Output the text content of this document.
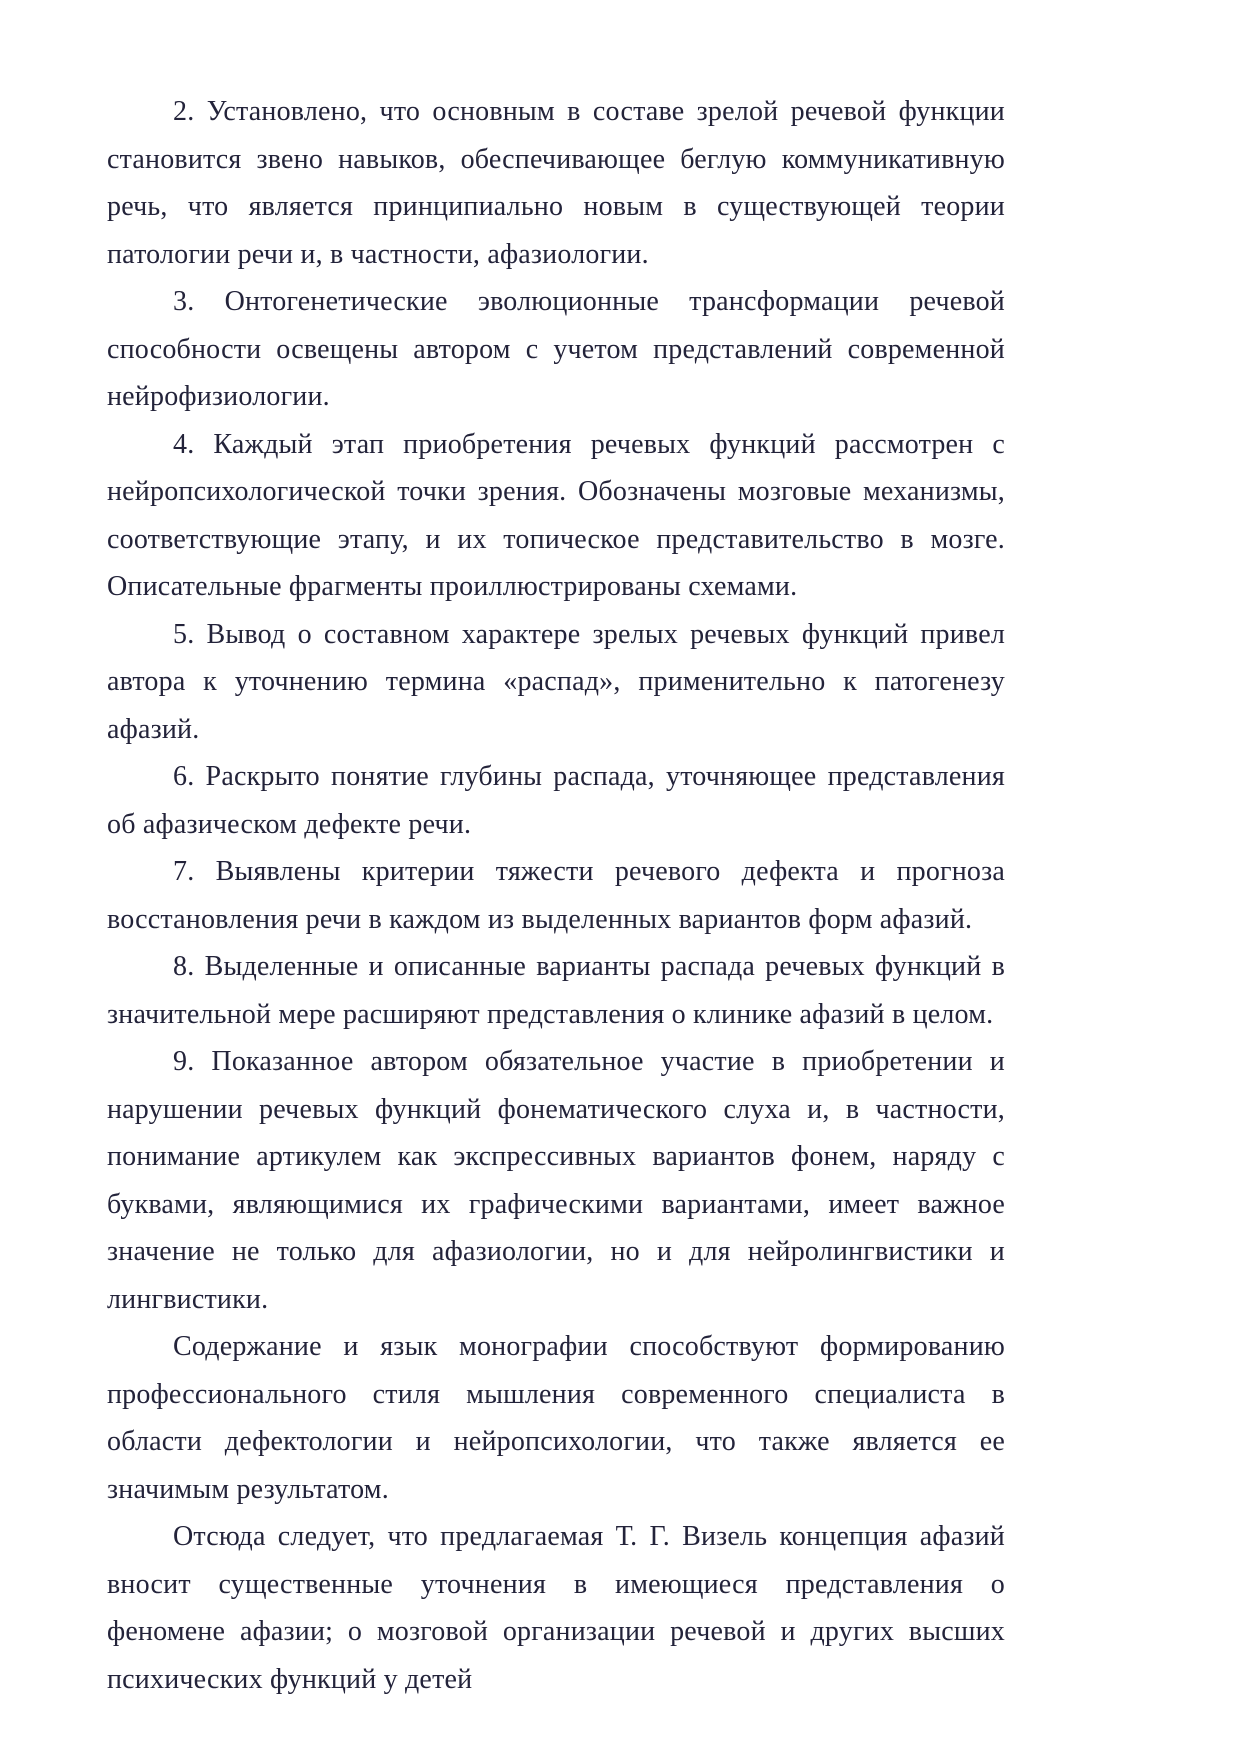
2. Установлено, что основным в составе зрелой речевой функции становится звено навыков, обеспечивающее беглую коммуникативную речь, что является принципиально новым в существующей теории патологии речи и, в частности, афазиологии.

3. Онтогенетические эволюционные трансформации речевой способности освещены автором с учетом представлений современной нейрофизиологии.

4. Каждый этап приобретения речевых функций рассмотрен с нейропсихологической точки зрения. Обозначены мозговые механизмы, соответствующие этапу, и их топическое представительство в мозге. Описательные фрагменты проиллюстрированы схемами.

5. Вывод о составном характере зрелых речевых функций привел автора к уточнению термина «распад», применительно к патогенезу афазий.

6. Раскрыто понятие глубины распада, уточняющее представления об афазическом дефекте речи.

7. Выявлены критерии тяжести речевого дефекта и прогноза восстановления речи в каждом из выделенных вариантов форм афазий.

8. Выделенные и описанные варианты распада речевых функций в значительной мере расширяют представления о клинике афазий в целом.

9. Показанное автором обязательное участие в приобретении и нарушении речевых функций фонематического слуха и, в частности, понимание артикулем как экспрессивных вариантов фонем, наряду с буквами, являющимися их графическими вариантами, имеет важное значение не только для афазиологии, но и для нейролингвистики и лингвистики.

Содержание и язык монографии способствуют формированию профессионального стиля мышления современного специалиста в области дефектологии и нейропсихологии, что также является ее значимым результатом.

Отсюда следует, что предлагаемая Т. Г. Визель концепция афазий вносит существенные уточнения в имеющиеся представления о феномене афазии; о мозговой организации речевой и других высших психических функций у детей
